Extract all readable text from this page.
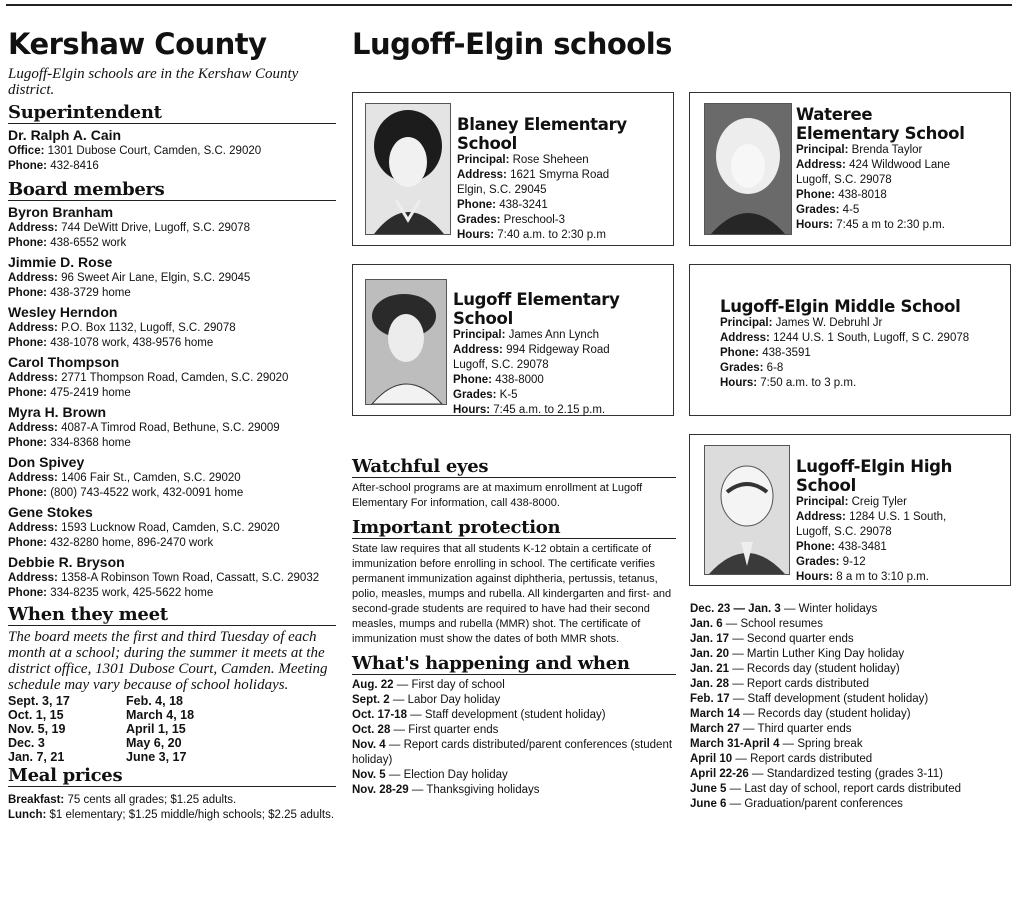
Kershaw County
Lugoff-Elgin schools are in the Kershaw County district.
Superintendent
Dr. Ralph A. Cain
Office: 1301 Dubose Court, Camden, S.C. 29020
Phone: 432-8416
Board members
Byron Branham
Address: 744 DeWitt Drive, Lugoff, S.C. 29078
Phone: 438-6552 work
Jimmie D. Rose
Address: 96 Sweet Air Lane, Elgin, S.C. 29045
Phone: 438-3729 home
Wesley Herndon
Address: P.O. Box 1132, Lugoff, S.C. 29078
Phone: 438-1078 work, 438-9576 home
Carol Thompson
Address: 2771 Thompson Road, Camden, S.C. 29020
Phone: 475-2419 home
Myra H. Brown
Address: 4087-A Timrod Road, Bethune, S.C. 29009
Phone: 334-8368 home
Don Spivey
Address: 1406 Fair St., Camden, S.C. 29020
Phone: (800) 743-4522 work, 432-0091 home
Gene Stokes
Address: 1593 Lucknow Road, Camden, S.C. 29020
Phone: 432-8280 home, 896-2470 work
Debbie R. Bryson
Address: 1358-A Robinson Town Road, Cassatt, S.C. 29032
Phone: 334-8235 work, 425-5622 home
When they meet
The board meets the first and third Tuesday of each month at a school; during the summer it meets at the district office, 1301 Dubose Court, Camden. Meeting schedule may vary because of school holidays.
Sept. 3, 17
Oct. 1, 15
Nov. 5, 19
Dec. 3
Jan. 7, 21
Feb. 4, 18
March 4, 18
April 1, 15
May 6, 20
June 3, 17
Meal prices
Breakfast: 75 cents all grades; $1.25 adults.
Lunch: $1 elementary; $1.25 middle/high schools; $2.25 adults.
Lugoff-Elgin schools
Blaney Elementary School
Principal: Rose Sheheen
Address: 1621 Smyrna Road
Elgin, S.C. 29045
Phone: 438-3241
Grades: Preschool-3
Hours: 7:40 a.m. to 2:30 p.m
Wateree
Elementary School
Principal: Brenda Taylor
Address: 424 Wildwood Lane
Lugoff, S.C. 29078
Phone: 438-8018
Grades: 4-5
Hours: 7:45 a m to 2:30 p.m.
Lugoff Elementary School
Principal: James Ann Lynch
Address: 994 Ridgeway Road
Lugoff, S.C. 29078
Phone: 438-8000
Grades: K-5
Hours: 7:45 a.m. to 2.15 p.m.
Lugoff-Elgin Middle School
Principal: James W. Debruhl Jr
Address: 1244 U.S. 1 South, Lugoff, S C. 29078
Phone: 438-3591
Grades: 6-8
Hours: 7:50 a.m. to 3 p.m.
Lugoff-Elgin High School
Principal: Creig Tyler
Address: 1284 U.S. 1 South,
Lugoff, S.C. 29078
Phone: 438-3481
Grades: 9-12
Hours: 8 a m to 3:10 p.m.
Watchful eyes
After-school programs are at maximum enrollment at Lugoff Elementary For information, call 438-8000.
Important protection
State law requires that all students K-12 obtain a certificate of immunization before enrolling in school. The certificate verifies permanent immunization against diphtheria, pertussis, tetanus, polio, measles, mumps and rubella. All kindergarten and first- and second-grade students are required to have had their second measles, mumps and rubella (MMR) shot. The certificate of immunization must show the dates of both MMR shots.
What's happening and when
Aug. 22 — First day of school
Sept. 2 — Labor Day holiday
Oct. 17-18 — Staff development (student holiday)
Oct. 28 — First quarter ends
Nov. 4 — Report cards distributed/parent conferences (student holiday)
Nov. 5 — Election Day holiday
Nov. 28-29 — Thanksgiving holidays
Dec. 23 — Jan. 3 — Winter holidays
Jan. 6 — School resumes
Jan. 17 — Second quarter ends
Jan. 20 — Martin Luther King Day holiday
Jan. 21 — Records day (student holiday)
Jan. 28 — Report cards distributed
Feb. 17 — Staff development (student holiday)
March 14 — Records day (student holiday)
March 27 — Third quarter ends
March 31-April 4 — Spring break
April 10 — Report cards distributed
April 22-26 — Standardized testing (grades 3-11)
June 5 — Last day of school, report cards distributed
June 6 — Graduation/parent conferences
